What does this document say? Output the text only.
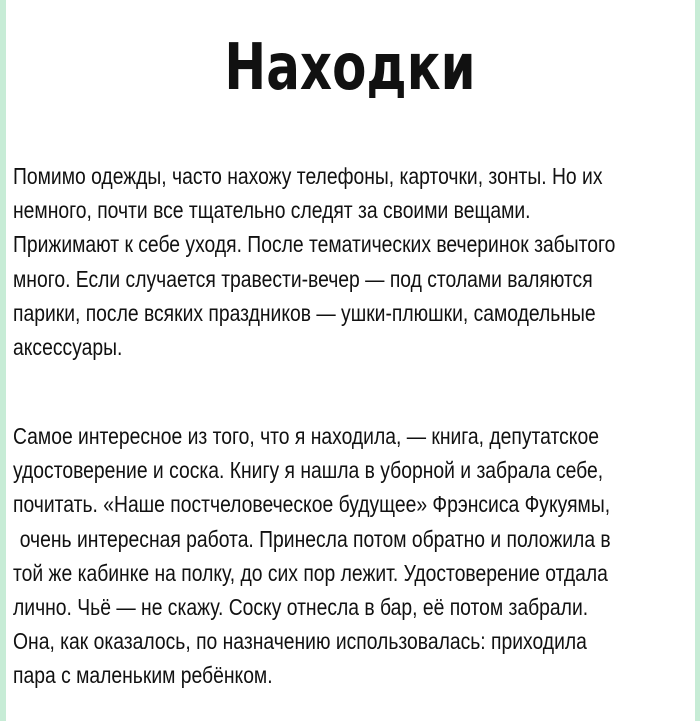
Находки
Помимо одежды, часто нахожу телефоны, карточки, зонты. Но их
немного, почти все тщательно следят за своими вещами.
Прижимают к себе уходя. После тематических вечеринок забытого
много. Если случается травести-вечер — под столами валяются
парики, после всяких праздников — ушки-плюшки, самодельные
аксессуары.
Самое интересное из того, что я находила, — книга, депутатское
удостоверение и соска. Книгу я нашла в уборной и забрала себе,
почитать. «Наше постчеловеческое будущее» Фрэнсиса Фукуямы,
очень интересная работа. Принесла потом обратно и положила в
той же кабинке на полку, до сих пор лежит. Удостоверение отдала
лично. Чьё — не скажу. Соску отнесла в бар, её потом забрали.
Она, как оказалось, по назначению использовалась: приходила
пара с маленьким ребёнком.
